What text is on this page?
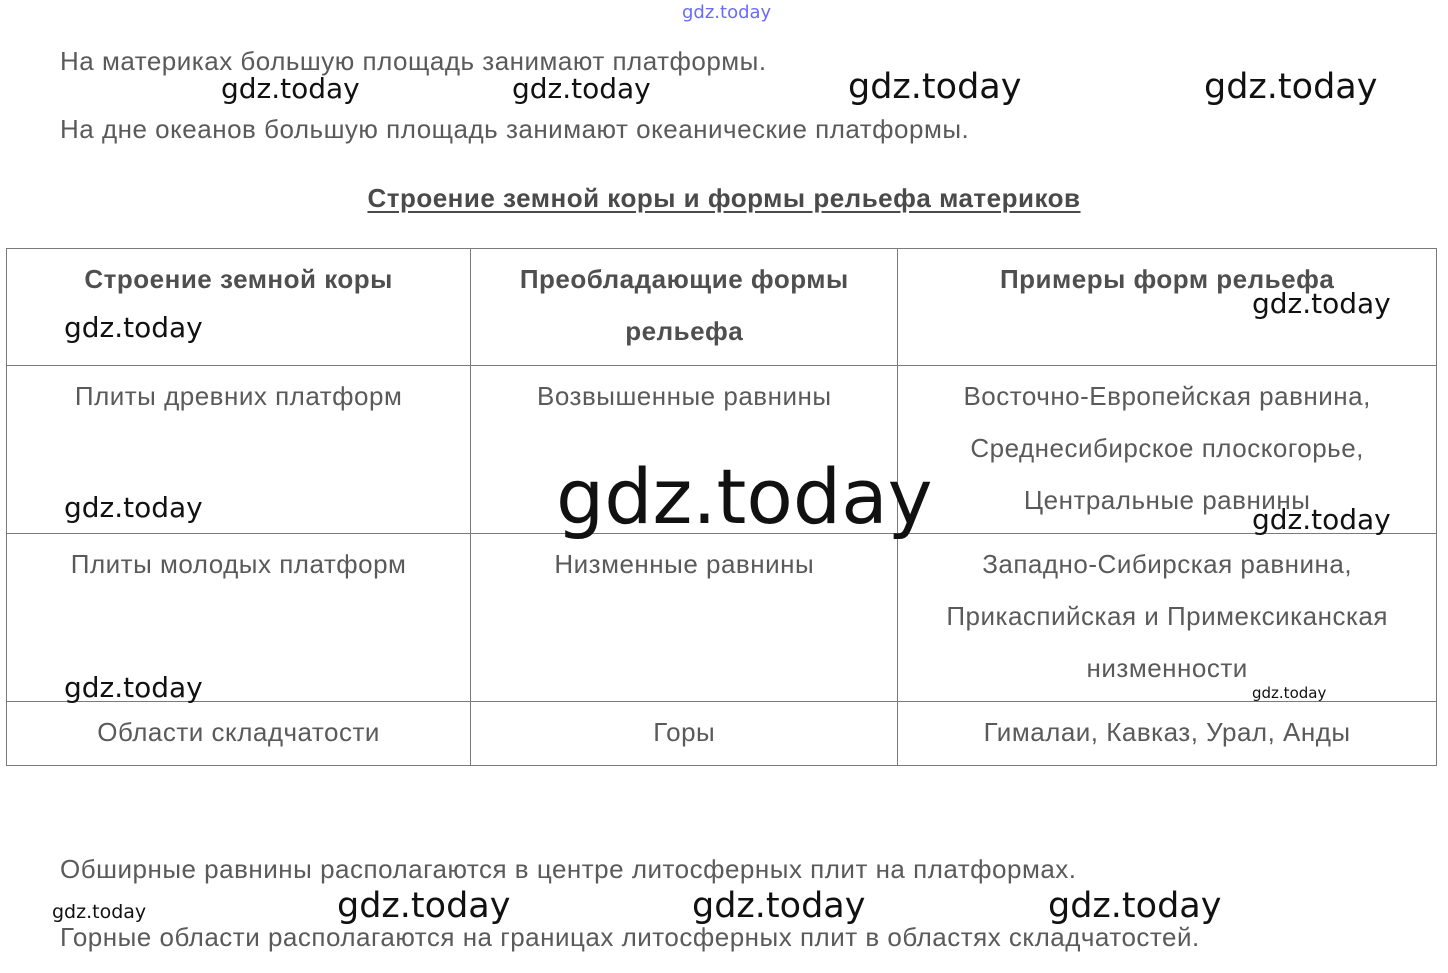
На материках большую площадь занимают платформы.

На дне океанов большую площадь занимают океанические платформы.

Строение земной коры и формы рельефа материков
Строение земной коры	Преобладающие формы рельефа	Примеры форм рельефа
Плиты древних платформ	Возвышенные равнины	Восточно-Европейская равнина, Среднесибирское плоскогорье, Центральные равнины
Плиты молодых платформ	Низменные равнины	Западно-Сибирская равнина, Прикаспийская и Примексиканская низменности
Области складчатости	Горы	Гималаи, Кавказ, Урал, Анды

Обширные равнины располагаются в центре литосферных плит на платформах.

Горные области располагаются на границах литосферных плит в областях складчатостей.

gdz.today
gdz.today	gdz.today	gdz.today	gdz.today
gdz.today
gdz.today
gdz.today
gdz.today	gdz.today
gdz.today	gdz.today
gdz.today	gdz.today	gdz.today	gdz.today
